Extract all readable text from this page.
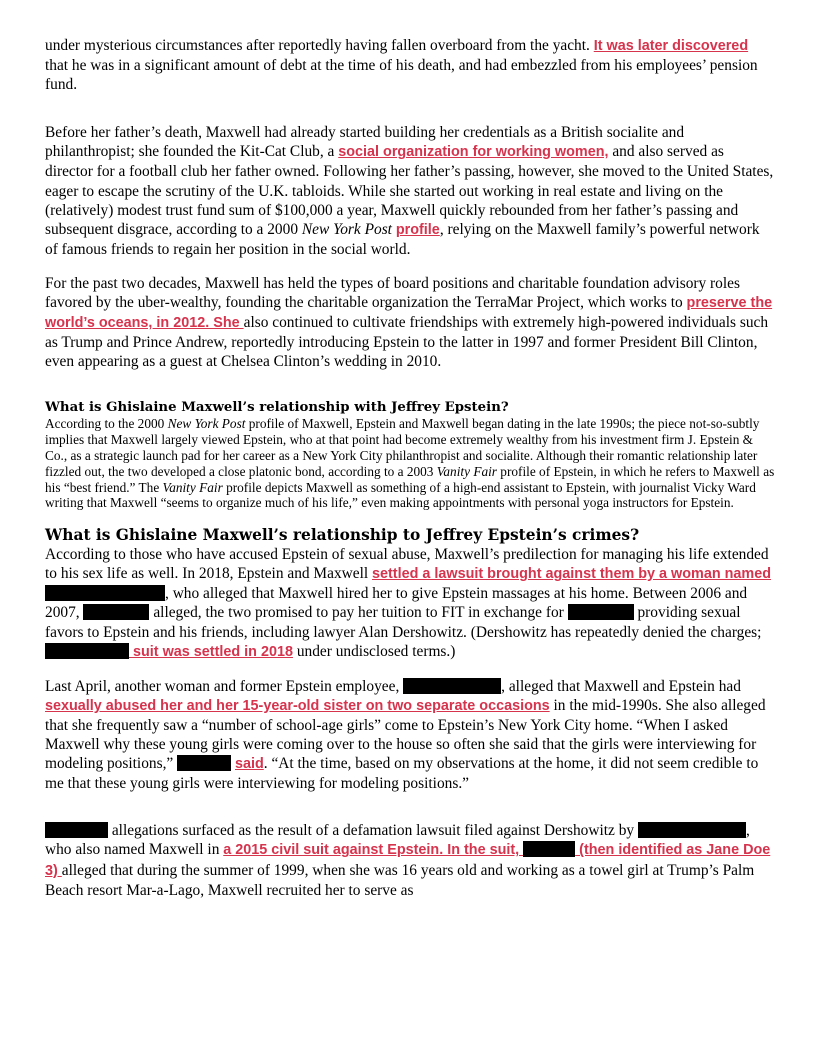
under mysterious circumstances after reportedly having fallen overboard from the yacht. It was later discovered that he was in a significant amount of debt at the time of his death, and had embezzled from his employees’ pension fund.

Before her father’s death, Maxwell had already started building her credentials as a British socialite and philanthropist; she founded the Kit-Cat Club, a social organization for working women, and also served as director for a football club her father owned. Following her father’s passing, however, she moved to the United States, eager to escape the scrutiny of the U.K. tabloids. While she started out working in real estate and living on the (relatively) modest trust fund sum of $100,000 a year, Maxwell quickly rebounded from her father’s passing and subsequent disgrace, according to a 2000 New York Post profile, relying on the Maxwell family’s powerful network of famous friends to regain her position in the social world.

For the past two decades, Maxwell has held the types of board positions and charitable foundation advisory roles favored by the uber-wealthy, founding the charitable organization the TerraMar Project, which works to preserve the world’s oceans, in 2012. She also continued to cultivate friendships with extremely high-powered individuals such as Trump and Prince Andrew, reportedly introducing Epstein to the latter in 1997 and former President Bill Clinton, even appearing as a guest at Chelsea Clinton’s wedding in 2010.

What is Ghislaine Maxwell’s relationship with Jeffrey Epstein?

According to the 2000 New York Post profile of Maxwell, Epstein and Maxwell began dating in the late 1990s; the piece not-so-subtly implies that Maxwell largely viewed Epstein, who at that point had become extremely wealthy from his investment firm J. Epstein & Co., as a strategic launch pad for her career as a New York City philanthropist and socialite. Although their romantic relationship later fizzled out, the two developed a close platonic bond, according to a 2003 Vanity Fair profile of Epstein, in which he refers to Maxwell as his “best friend.” The Vanity Fair profile depicts Maxwell as something of a high-end assistant to Epstein, with journalist Vicky Ward writing that Maxwell “seems to organize much of his life,” even making appointments with personal yoga instructors for Epstein.

What is Ghislaine Maxwell’s relationship to Jeffrey Epstein’s crimes?

According to those who have accused Epstein of sexual abuse, Maxwell’s predilection for managing his life extended to his sex life as well. In 2018, Epstein and Maxwell settled a lawsuit brought against them by a woman named , who alleged that Maxwell hired her to give Epstein massages at his home. Between 2006 and 2007,	alleged, the two promised to pay her tuition to FIT in exchange for	providing sexual favors to Epstein and his friends, including lawyer Alan Dershowitz. (Dershowitz has repeatedly denied the charges;  suit was settled in 2018 under undisclosed terms.)

Last April, another woman and former Epstein employee,	, alleged that Maxwell and Epstein had sexually abused her and her 15-year-old sister on two separate occasions in the mid-1990s. She also alleged that she frequently saw a “number of school-age girls” come to Epstein’s New York City home. “When I asked Maxwell why these young girls were coming over to the house so often she said that the girls were interviewing for modeling positions,”	said. “At the time, based on my observations at the home, it did not seem credible to me that these young girls were interviewing for modeling positions.”

allegations surfaced as the result of a defamation lawsuit filed against Dershowitz by	, who also named Maxwell in a 2015 civil suit against Epstein. In the suit,	(then identified as Jane Doe 3) alleged that during the summer of 1999, when she was 16 years old and working as a towel girl at Trump’s Palm Beach resort Mar-a-Lago, Maxwell recruited her to serve as
